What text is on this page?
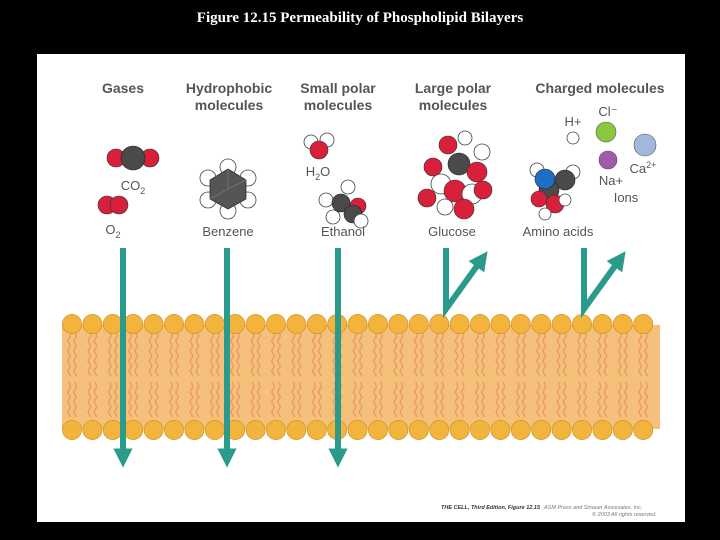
Figure 12.15 Permeability of Phospholipid Bilayers
Gases	Hydrophobic
molecules
Small polar
molecules
Large polar
molecules
Charged molecules
$CO_2$
$O_2$	Benzene
$H_2O$
Ethanol	Glucose
H+
Cl⁻
Na+
$Ca^{2+}$
Ions
Amino acids
THE CELL, Third Edition, Figure 12.15 ASM Press and Sinauer Associates, Inc.
© 2003 All rights reserved.
